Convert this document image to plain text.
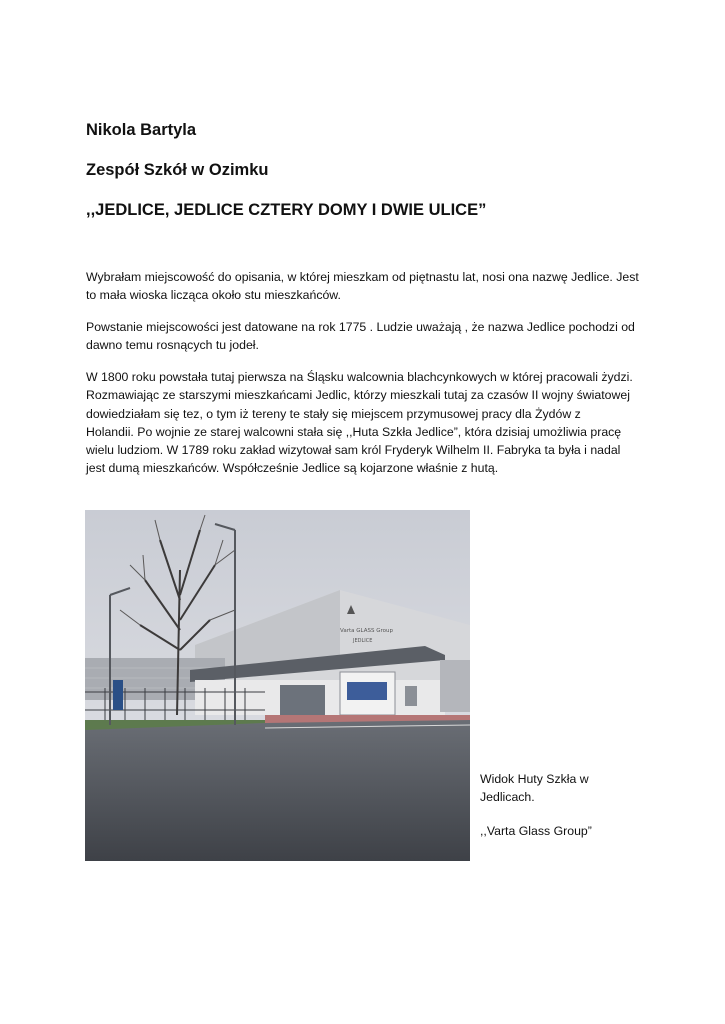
Nikola Bartyla
Zespół Szkół w Ozimku
,,JEDLICE, JEDLICE CZTERY DOMY I DWIE ULICE”
Wybrałam miejscowość do opisania, w której mieszkam od piętnastu lat, nosi ona nazwę Jedlice. Jest
to mała wioska licząca około stu mieszkańców.
Powstanie miejscowości jest datowane na rok 1775 . Ludzie uważają , że nazwa Jedlice pochodzi od
dawno temu rosnących tu jodeł.
W 1800 roku powstała tutaj pierwsza na Śląsku walcownia blachcynkowych w której pracowali żydzi.
Rozmawiając ze starszymi mieszkańcami Jedlic, którzy mieszkali tutaj za czasów II wojny światowej
dowiedziałam się tez, o tym iż tereny te stały się miejscem przymusowej pracy dla Żydów z
Holandii. Po wojnie ze starej walcowni stała się ,,Huta Szkła Jedlice”, która dzisiaj umożliwia pracę
wielu ludziom. W 1789 roku zakład wizytował sam król Fryderyk Wilhelm II. Fabryka ta była i nadal
jest dumą mieszkańców. Współcześnie Jedlice są kojarzone właśnie z hutą.
Varta GLASS Group
JEDLICE
Widok Huty Szkła w
Jedlicach.
,,Varta Glass Group”
